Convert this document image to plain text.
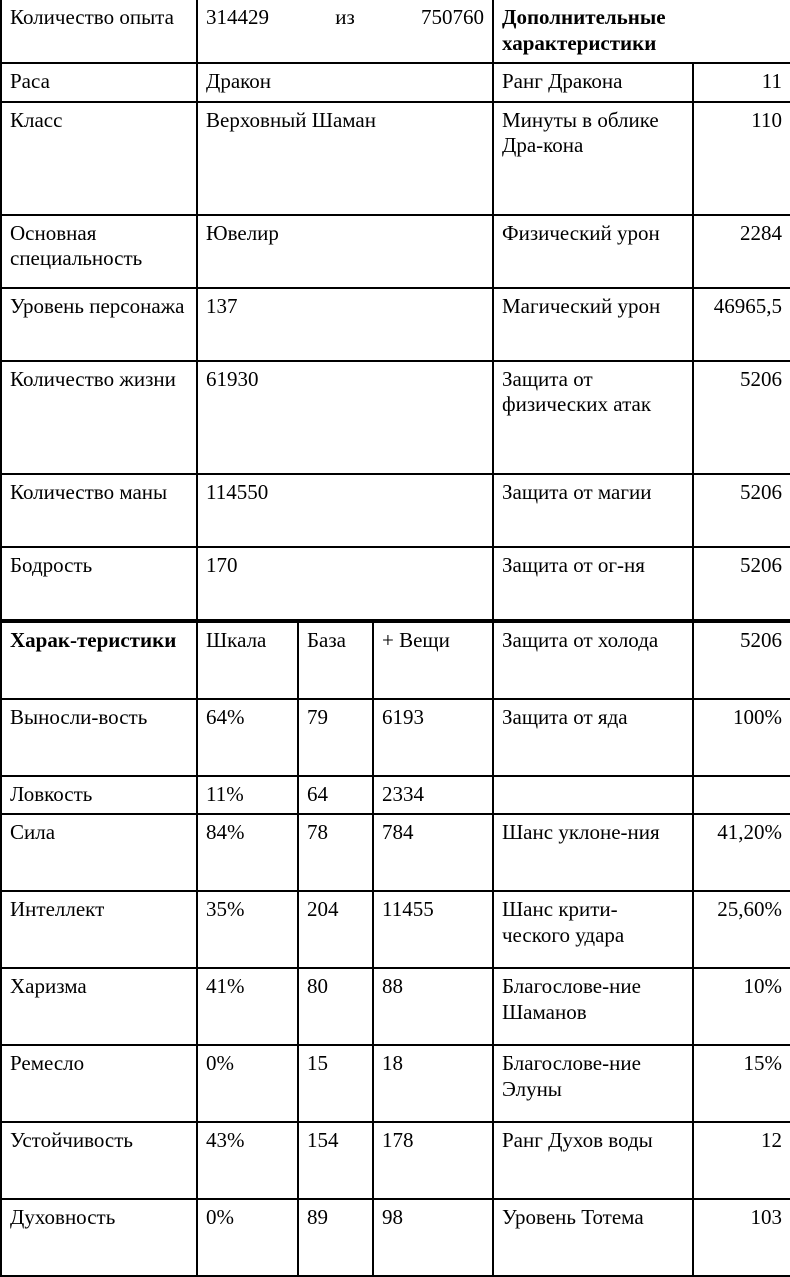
Количество опыта	314429 из 750760			Дополнительные характеристики	
Раса	Дракон			Ранг Дракона	11
Класс	Верховный Шаман			Минуты в облике Дра-кона	110
Основная специальность	Ювелир			Физический урон	2284
Уровень персонажа	137			Магический урон	46965,5
Количество жизни	61930			Защита от физических атак	5206
Количество маны	114550			Защита от магии	5206
Бодрость	170			Защита от ог-ня	5206
Харак-теристики	Шкала	База	+ Вещи	Защита от холода	5206
Выносли-вость	64%	79	6193	Защита от яда	100%
Ловкость	11%	64	2334		
Сила	84%	78	784	Шанс уклоне-ния	41,20%
Интеллект	35%	204	11455	Шанс крити-ческого удара	25,60%
Харизма	41%	80	88	Благослове-ние Шаманов	10%
Ремесло	0%	15	18	Благослове-ние Элуны	15%
Устойчивость	43%	154	178	Ранг Духов воды	12
Духовность	0%	89	98	Уровень Тотема	103
